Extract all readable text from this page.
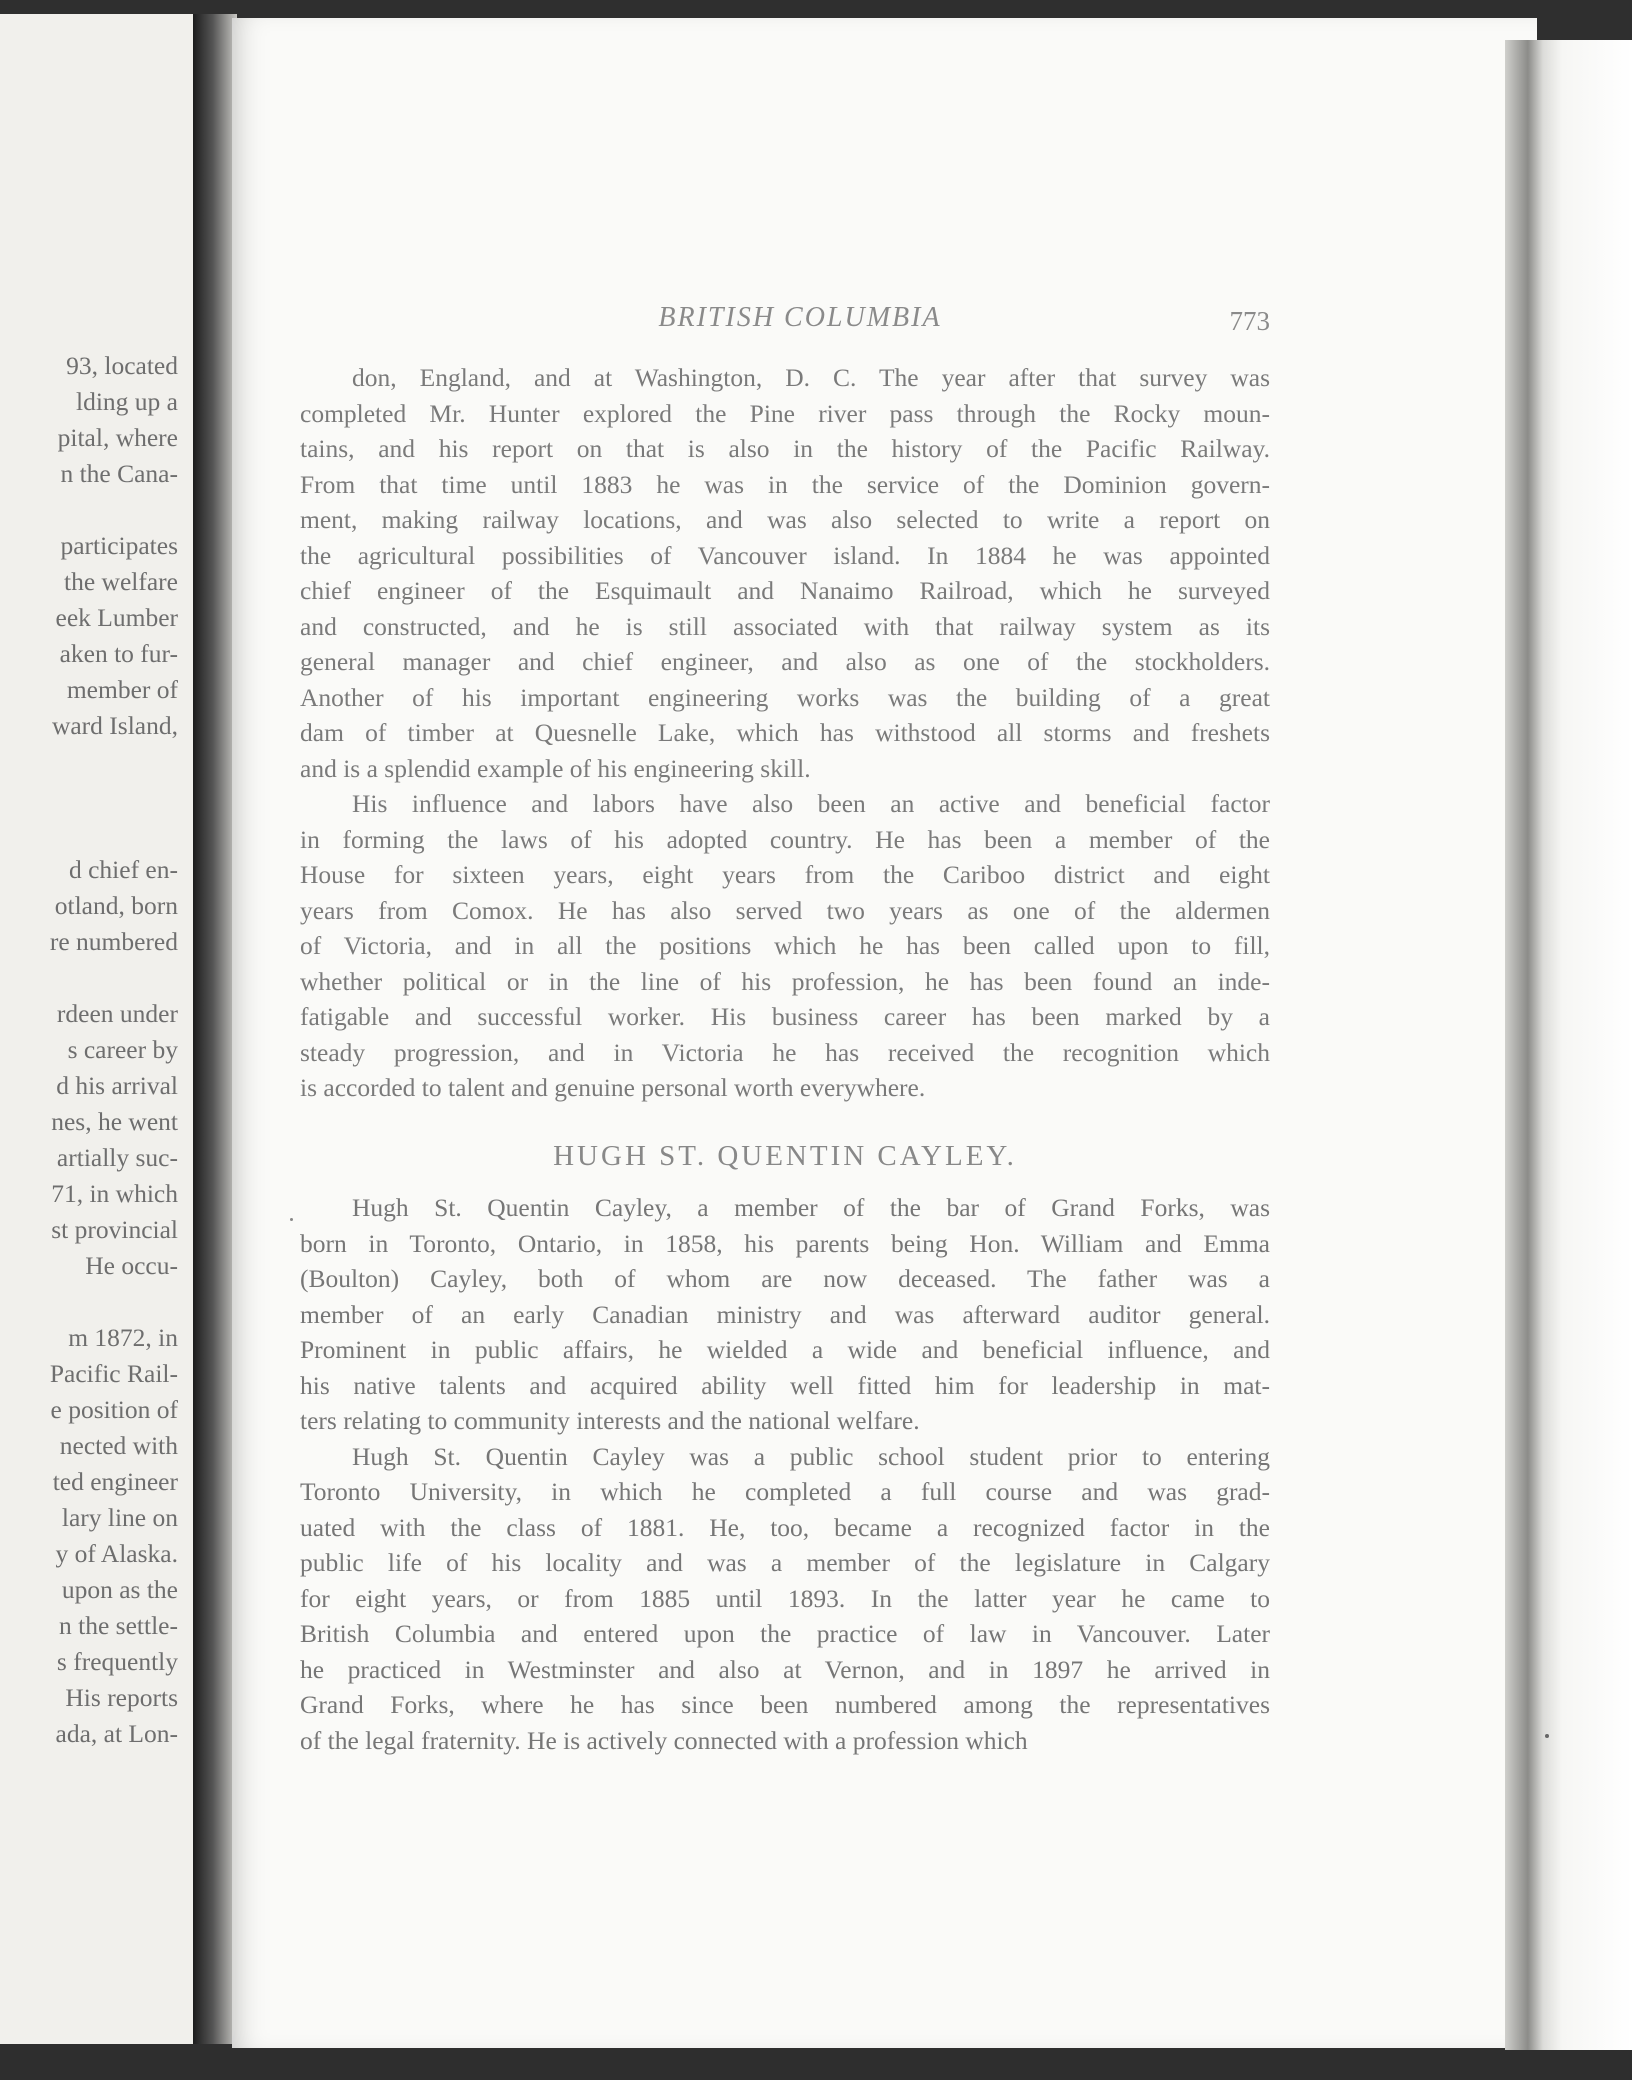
93, located
lding up a
pital, where
n the Cana-
participates
the welfare
eek Lumber
aken to fur-
member of
ward Island,
d chief en-
otland, born
re numbered
rdeen under
s career by
d his arrival
nes, he went
artially suc-
71, in which
st provincial
He occu-
m 1872, in
Pacific Rail-
e position of
nected with
ted engineer
lary line on
y of Alaska.
upon as the
n the settle-
s frequently
His reports
ada, at Lon-
BRITISH COLUMBIA	773
don, England, and at Washington, D. C. The year after that survey was
completed Mr. Hunter explored the Pine river pass through the Rocky moun-
tains, and his report on that is also in the history of the Pacific Railway.
From that time until 1883 he was in the service of the Dominion govern-
ment, making railway locations, and was also selected to write a report on
the agricultural possibilities of Vancouver island. In 1884 he was appointed
chief engineer of the Esquimault and Nanaimo Railroad, which he surveyed
and constructed, and he is still associated with that railway system as its
general manager and chief engineer, and also as one of the stockholders.
Another of his important engineering works was the building of a great
dam of timber at Quesnelle Lake, which has withstood all storms and freshets
and is a splendid example of his engineering skill.
His influence and labors have also been an active and beneficial factor
in forming the laws of his adopted country. He has been a member of the
House for sixteen years, eight years from the Cariboo district and eight
years from Comox. He has also served two years as one of the aldermen
of Victoria, and in all the positions which he has been called upon to fill,
whether political or in the line of his profession, he has been found an inde-
fatigable and successful worker. His business career has been marked by a
steady progression, and in Victoria he has received the recognition which
is accorded to talent and genuine personal worth everywhere.
HUGH ST. QUENTIN CAYLEY.
Hugh St. Quentin Cayley, a member of the bar of Grand Forks, was
born in Toronto, Ontario, in 1858, his parents being Hon. William and Emma
(Boulton) Cayley, both of whom are now deceased. The father was a
member of an early Canadian ministry and was afterward auditor general.
Prominent in public affairs, he wielded a wide and beneficial influence, and
his native talents and acquired ability well fitted him for leadership in mat-
ters relating to community interests and the national welfare.
Hugh St. Quentin Cayley was a public school student prior to entering
Toronto University, in which he completed a full course and was grad-
uated with the class of 1881. He, too, became a recognized factor in the
public life of his locality and was a member of the legislature in Calgary
for eight years, or from 1885 until 1893. In the latter year he came to
British Columbia and entered upon the practice of law in Vancouver. Later
he practiced in Westminster and also at Vernon, and in 1897 he arrived in
Grand Forks, where he has since been numbered among the representatives
of the legal fraternity. He is actively connected with a profession which
